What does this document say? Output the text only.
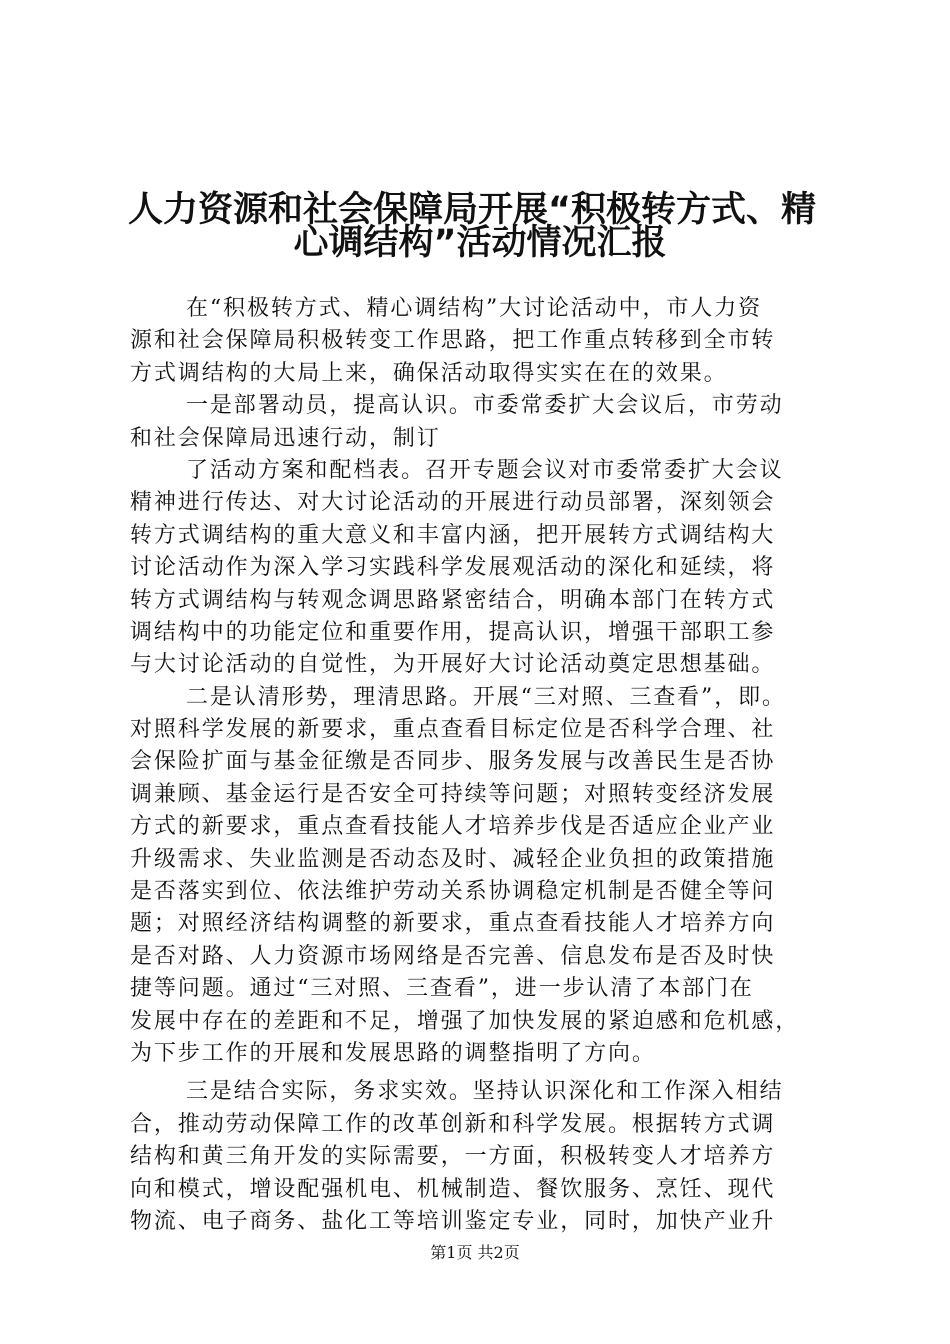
人力资源和社会保障局开展“积极转方式、精
心调结构”活动情况汇报
在“积极转方式、精心调结构”大讨论活动中，市人力资
源和社会保障局积极转变工作思路，把工作重点转移到全市转
方式调结构的大局上来，确保活动取得实实在在的效果。
一是部署动员，提高认识。市委常委扩大会议后，市劳动
和社会保障局迅速行动，制订
了活动方案和配档表。召开专题会议对市委常委扩大会议
精神进行传达、对大讨论活动的开展进行动员部署，深刻领会
转方式调结构的重大意义和丰富内涵，把开展转方式调结构大
讨论活动作为深入学习实践科学发展观活动的深化和延续，将
转方式调结构与转观念调思路紧密结合，明确本部门在转方式
调结构中的功能定位和重要作用，提高认识，增强干部职工参
与大讨论活动的自觉性，为开展好大讨论活动奠定思想基础。
二是认清形势，理清思路。开展“三对照、三查看”，即。
对照科学发展的新要求，重点查看目标定位是否科学合理、社
会保险扩面与基金征缴是否同步、服务发展与改善民生是否协
调兼顾、基金运行是否安全可持续等问题；对照转变经济发展
方式的新要求，重点查看技能人才培养步伐是否适应企业产业
升级需求、失业监测是否动态及时、减轻企业负担的政策措施
是否落实到位、依法维护劳动关系协调稳定机制是否健全等问
题；对照经济结构调整的新要求，重点查看技能人才培养方向
是否对路、人力资源市场网络是否完善、信息发布是否及时快
捷等问题。通过“三对照、三查看”，进一步认清了本部门在
发展中存在的差距和不足，增强了加快发展的紧迫感和危机感，
为下步工作的开展和发展思路的调整指明了方向。
三是结合实际，务求实效。坚持认识深化和工作深入相结
合，推动劳动保障工作的改革创新和科学发展。根据转方式调
结构和黄三角开发的实际需要，一方面，积极转变人才培养方
向和模式，增设配强机电、机械制造、餐饮服务、烹饪、现代
物流、电子商务、盐化工等培训鉴定专业，同时，加快产业升
第1页 共2页
